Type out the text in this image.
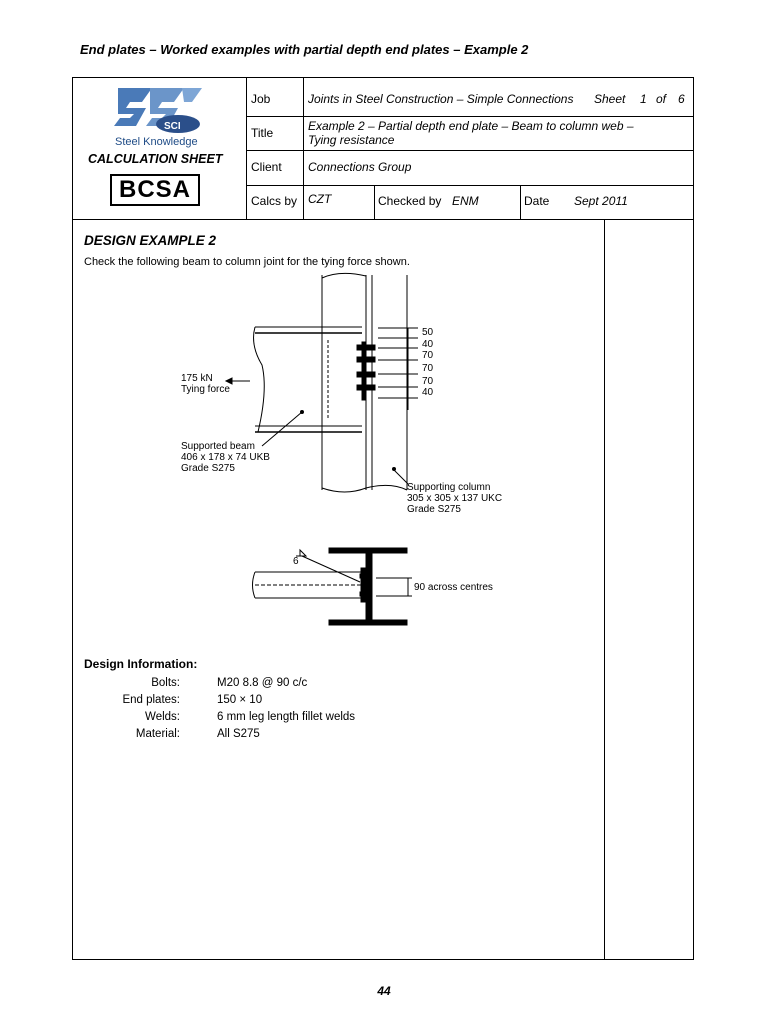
End plates – Worked examples with partial depth end plates – Example 2
SCI
Steel Knowledge
CALCULATION SHEET
BCSA
Job	Joints in Steel Construction – Simple Connections Sheet 1 of 6
Title	Example 2 – Partial depth end plate – Beam to column web –
Tying resistance
Client Connections Group
Calcs by CZT	Checked by ENM	Date Sept 2011
DESIGN EXAMPLE 2
Check the following beam to column joint for the tying force shown.
50
40
70
70
70
40
175 kN
Tying force
Supported beam
406 x 178 x 74 UKB
Grade S275
Supporting column
305 x 305 x 137 UKC
Grade S275
6
90 across centres
Design Information:
Bolts:	M20 8.8 @ 90 c/c
End plates:	150 × 10
Welds:	6 mm leg length fillet welds
Material:	All S275
44
